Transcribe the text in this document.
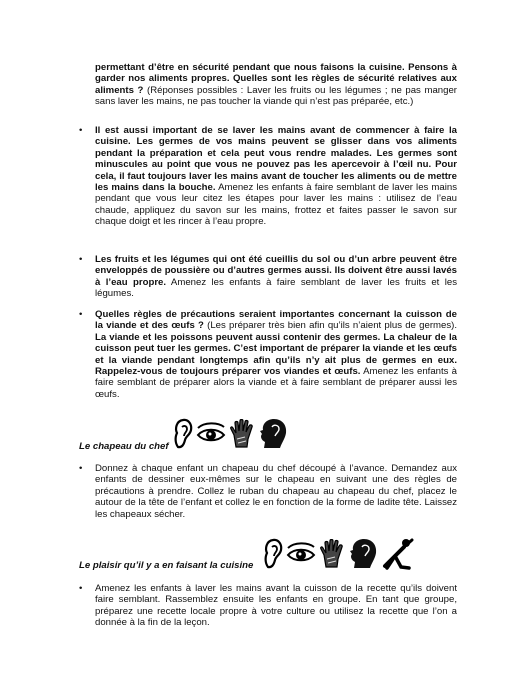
permettant d’être en sécurité pendant que nous faisons la cuisine. Pensons à garder nos aliments propres. Quelles sont les règles de sécurité relatives aux aliments ? (Réponses possibles : Laver les fruits ou les légumes ; ne pas manger sans laver les mains, ne pas toucher la viande qui n’est pas préparée, etc.)

• Il est aussi important de se laver les mains avant de commencer à faire la cuisine. Les germes de vos mains peuvent se glisser dans vos aliments pendant la préparation et cela peut vous rendre malades. Les germes sont minuscules au point que vous ne pouvez pas les apercevoir à l’œil nu. Pour cela, il faut toujours laver les mains avant de toucher les aliments ou de mettre les mains dans la bouche. Amenez les enfants à faire semblant de laver les mains pendant que vous leur citez les étapes pour laver les mains : utilisez de l’eau chaude, appliquez du savon sur les mains, frottez et faites passer le savon sur chaque doigt et les rincer à l’eau propre.

• Les fruits et les légumes qui ont été cueillis du sol ou d’un arbre peuvent être enveloppés de poussière ou d’autres germes aussi. Ils doivent être aussi lavés à l’eau propre. Amenez les enfants à faire semblant de laver les fruits et les légumes.

• Quelles règles de précautions seraient importantes concernant la cuisson de la viande et des œufs ? (Les préparer très bien afin qu’ils n’aient plus de germes). La viande et les poissons peuvent aussi contenir des germes. La chaleur de la cuisson peut tuer les germes. C’est important de préparer la viande et les œufs et la viande pendant longtemps afin qu’ils n’y ait plus de germes en eux. Rappelez-vous de toujours préparer vos viandes et œufs. Amenez les enfants à faire semblant de préparer alors la viande et à faire semblant de préparer aussi les œufs.

Le chapeau du chef
• Donnez à chaque enfant un chapeau du chef découpé à l’avance. Demandez aux enfants de dessiner eux-mêmes sur le chapeau en suivant une des règles de précautions à prendre. Collez le ruban du chapeau au chapeau du chef, placez le autour de la tête de l’enfant et collez le en fonction de la forme de ladite tête. Laissez les chapeaux sécher.
Le plaisir qu’il y a en faisant la cuisine
• Amenez les enfants à laver les mains avant la cuisson de la recette qu’ils doivent faire semblant. Rassemblez ensuite les enfants en groupe. En tant que groupe, préparez une recette locale propre à votre culture ou utilisez la recette que l’on a donnée à la fin de la leçon.
